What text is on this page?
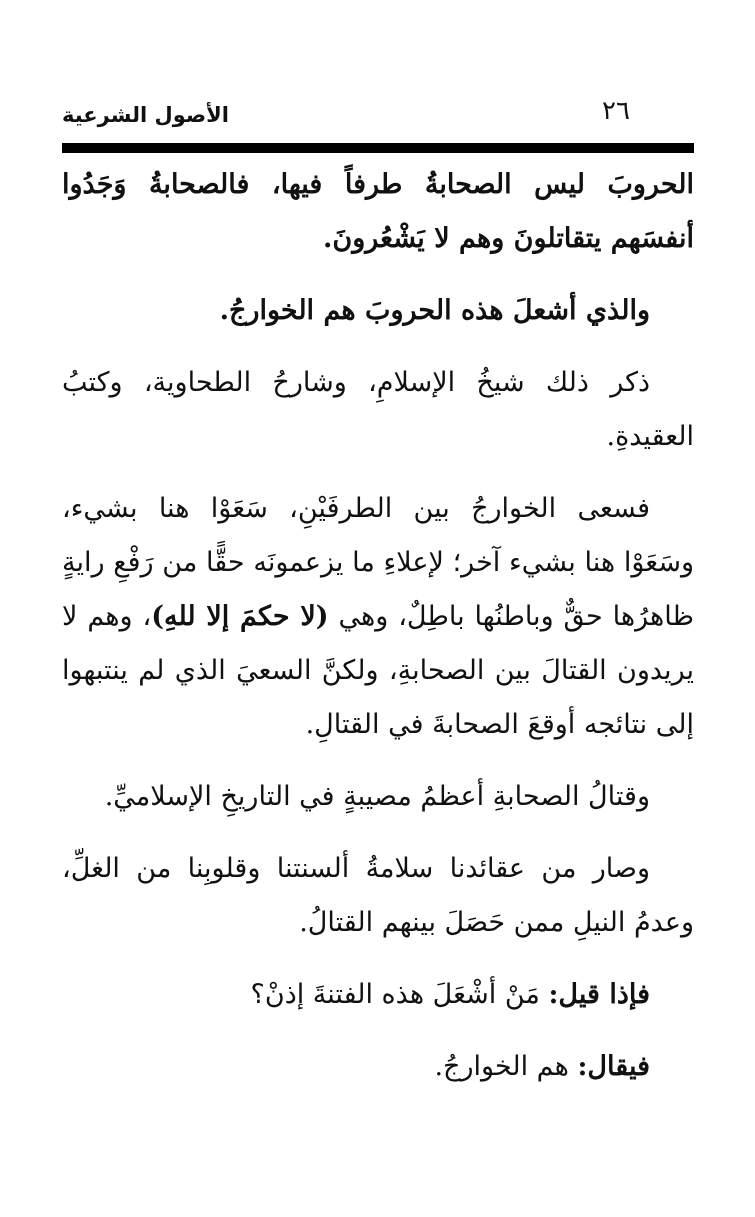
٢٦
الأصول الشرعية

الحروبَ ليس الصحابةُ طرفاً فيها، فالصحابةُ وَجَدُوا أنفسَهم يتقاتلونَ وهم لا يَشْعُرونَ.

والذي أشعلَ هذه الحروبَ هم الخوارجُ.

ذكر ذلك شيخُ الإسلامِ، وشارحُ الطحاوية، وكتبُ العقيدةِ.

فسعى الخوارجُ بين الطرفَيْنِ، سَعَوْا هنا بشيء، وسَعَوْا هنا بشيء آخر؛ لإعلاءِ ما يزعمونَه حقًّا من رَفْعِ رايةٍ ظاهرُها حقٌّ وباطنُها باطِلٌ، وهي (لا حكمَ إلا للهِ)، وهم لا يريدون القتالَ بين الصحابةِ، ولكنَّ السعيَ الذي لم ينتبهوا إلى نتائجه أوقعَ الصحابةَ في القتالِ.

وقتالُ الصحابةِ أعظمُ مصيبةٍ في التاريخِ الإسلاميِّ.

وصار من عقائدنا سلامةُ ألسنتنا وقلوبِنا من الغلِّ، وعدمُ النيلِ ممن حَصَلَ بينهم القتالُ.

فإذا قيل: مَنْ أشْعَلَ هذه الفتنةَ إذنْ؟

فيقال: هم الخوارجُ.
